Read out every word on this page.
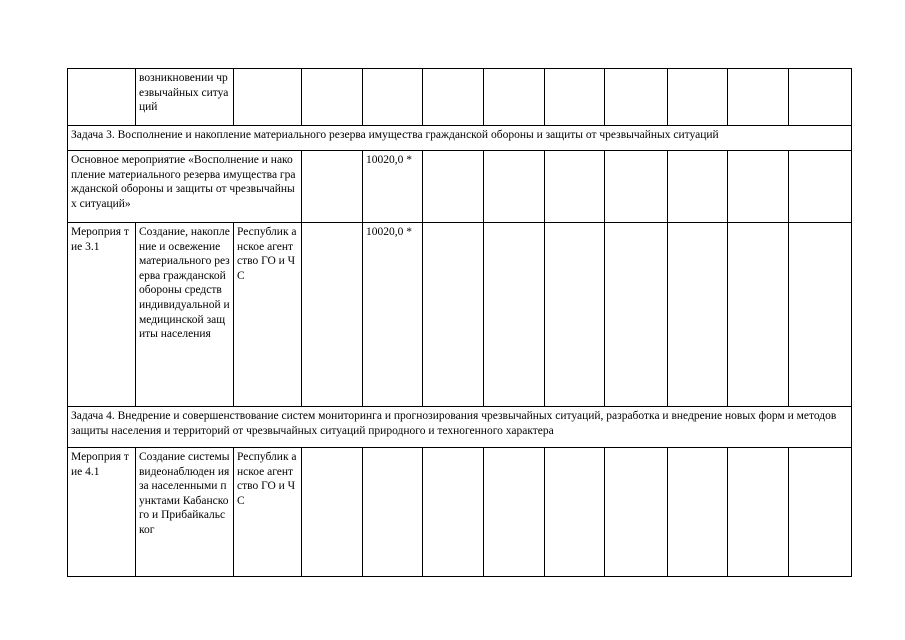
	возникновении чрезвычайных ситуаций										
Задача 3. Восполнение и накопление материального резерва имущества гражданской обороны и защиты от чрезвычайных ситуаций											
Основное мероприятие «Восполнение и накопление материального резерва имущества гражданской обороны и защиты от чрезвычайных ситуаций»				10020,0 *							
Мероприя тие 3.1	Создание, накопление и освежение материального резерва гражданской обороны средств индивидуальной и медицинской защиты населения	Республик анское агентство ГО и ЧС		10020,0 *							
Задача 4. Внедрение и совершенствование систем мониторинга и прогнозирования чрезвычайных ситуаций, разработка и внедрение новых форм и методов защиты населения и территорий от чрезвычайных ситуаций природного и техногенного характера											
Мероприя тие 4.1	Создание системы видеонаблюден ия за населенными пунктами Кабанского и Прибайкальског	Республик анское агентство ГО и ЧС									
